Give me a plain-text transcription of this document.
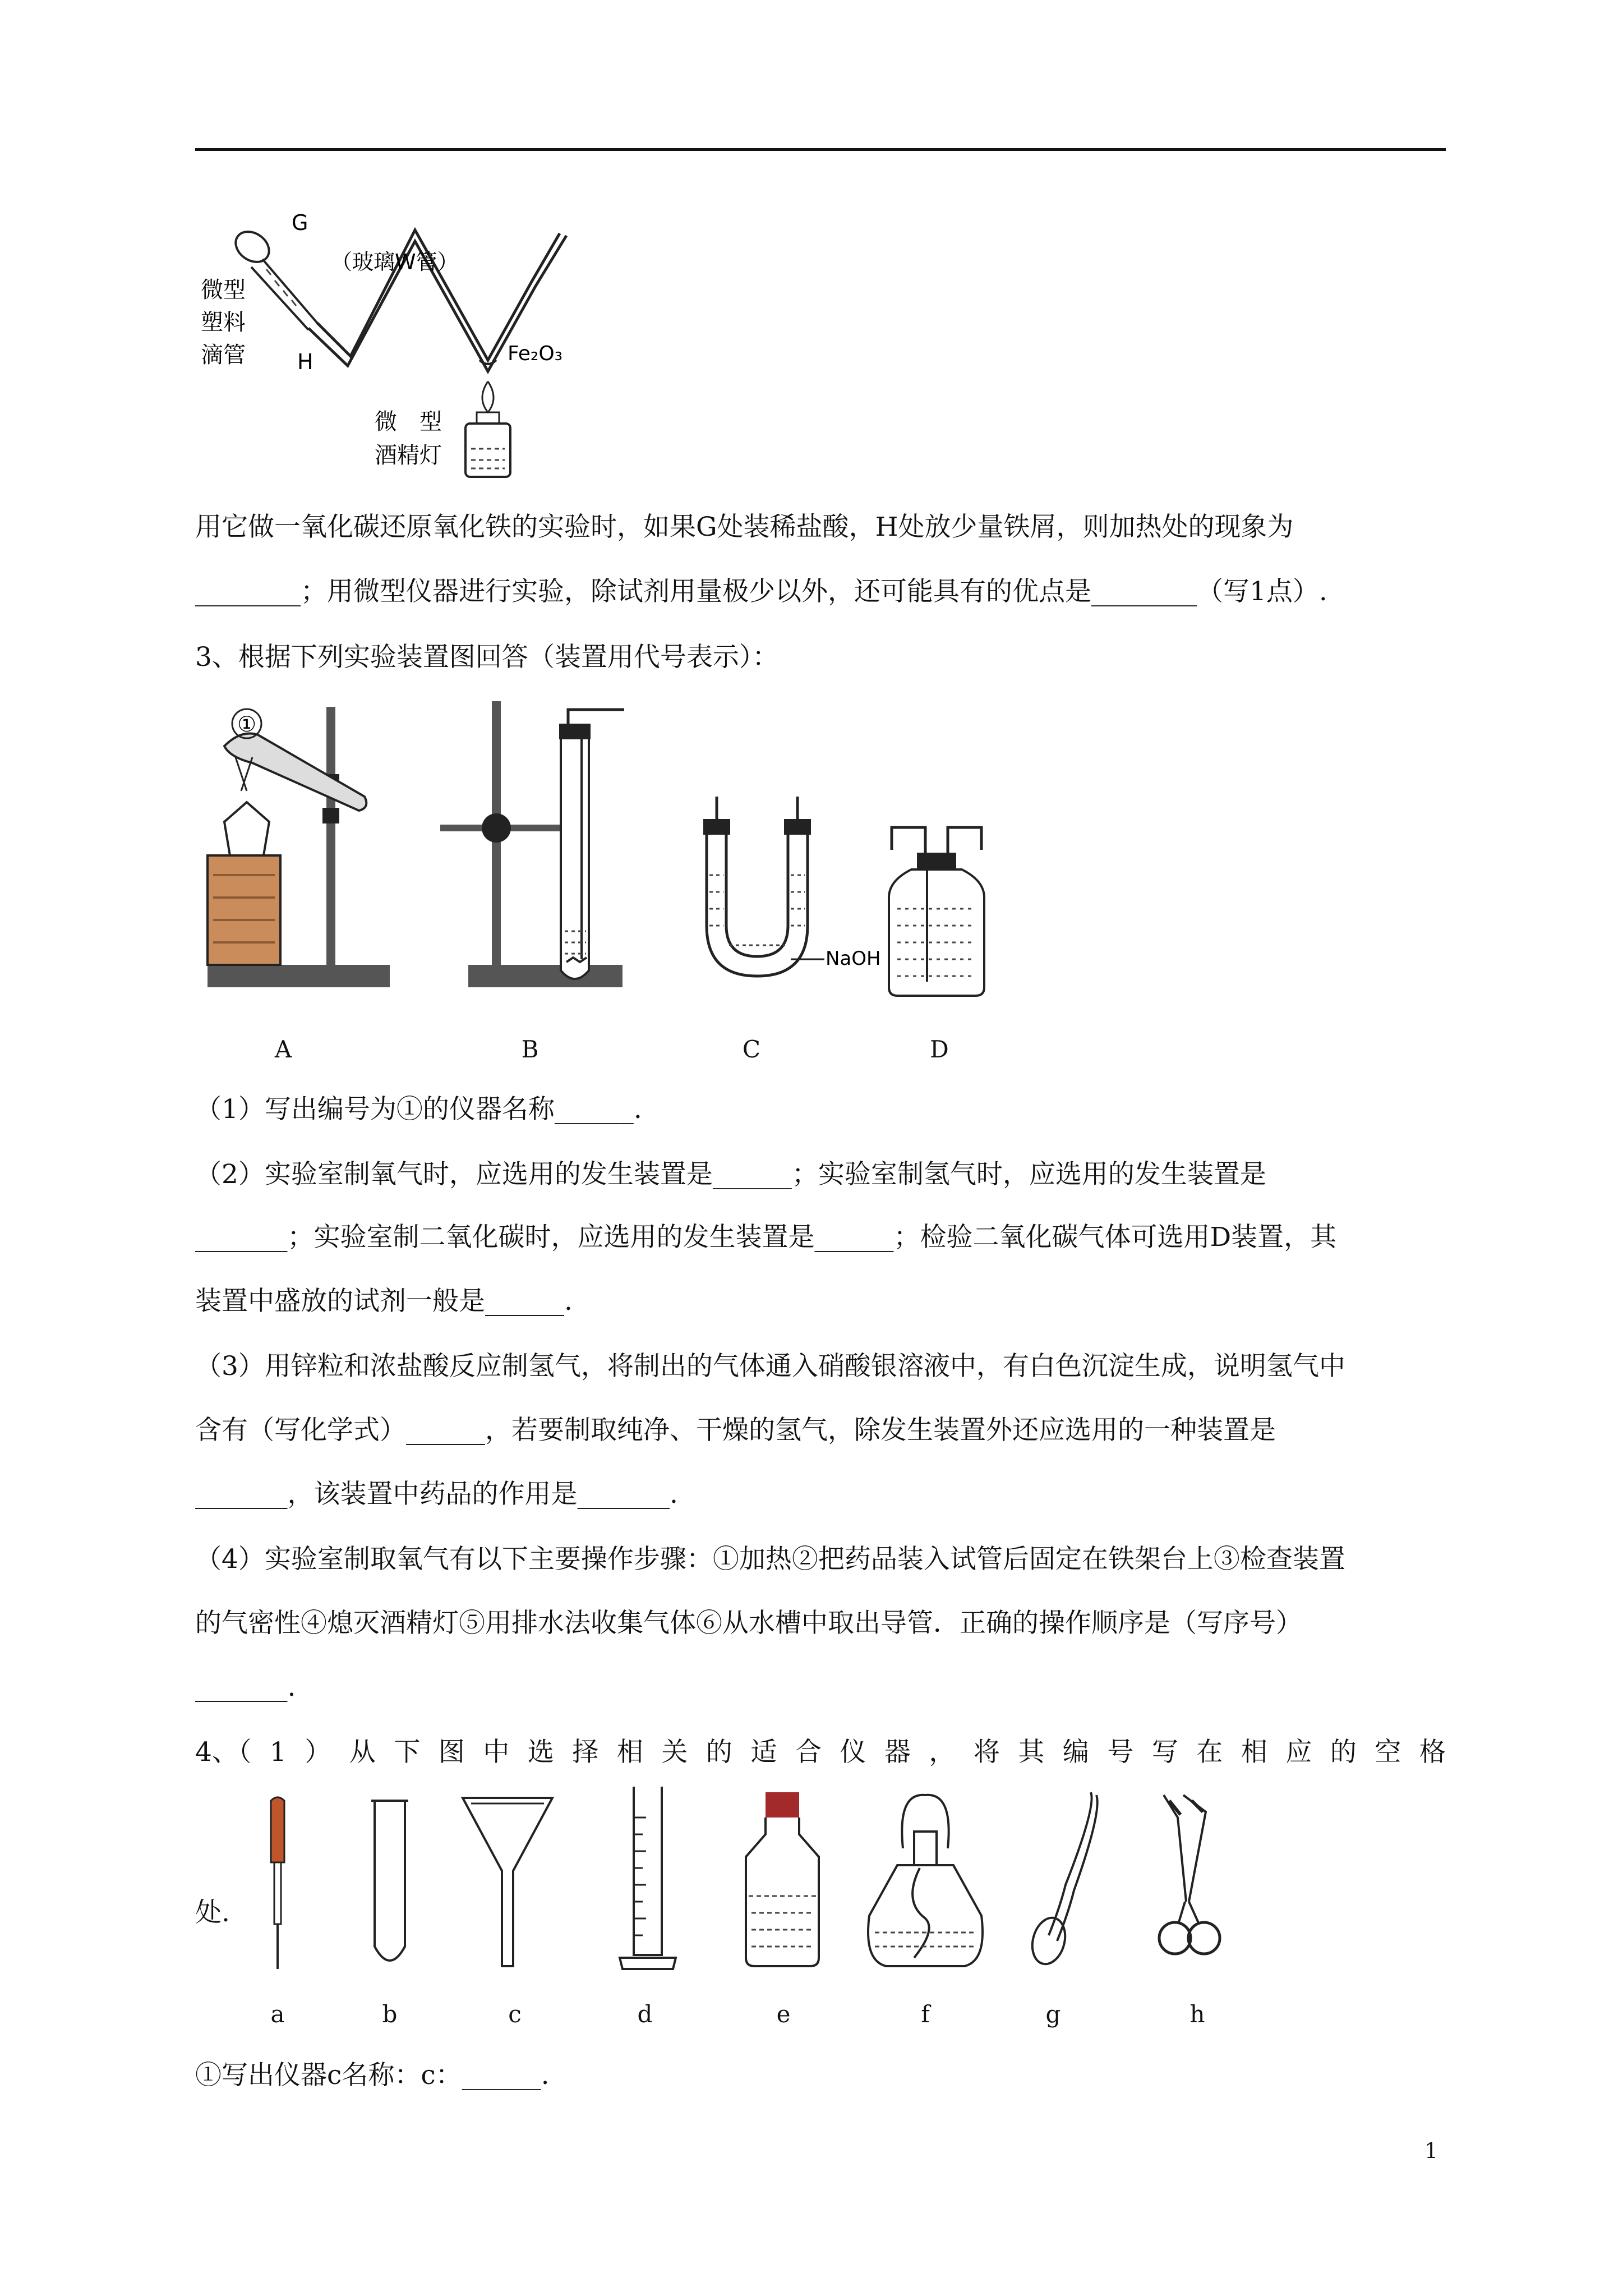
（玻璃W管）
G
H	Fe₂O₃
微 型
塑 料
滴 管
微　型
酒精灯
用它做一氧化碳还原氧化铁的实验时，如果G处装稀盐酸，H处放少量铁屑，则加热处的现象为
________；用微型仪器进行实验，除试剂用量极少以外，还可能具有的优点是________（写1点）.
3、根据下列实验装置图回答（装置用代号表示）：
①
NaOH
A	B	C	D
（1）写出编号为①的仪器名称______.
（2）实验室制氧气时，应选用的发生装置是______；实验室制氢气时，应选用的发生装置是
_______；实验室制二氧化碳时，应选用的发生装置是______；检验二氧化碳气体可选用D装置，其
装置中盛放的试剂一般是______.
（3）用锌粒和浓盐酸反应制氢气，将制出的气体通入硝酸银溶液中，有白色沉淀生成，说明氢气中
含有（写化学式）______，若要制取纯净、干燥的氢气，除发生装置外还应选用的一种装置是
_______，该装置中药品的作用是_______.
（4）实验室制取氧气有以下主要操作步骤：①加热②把药品装入试管后固定在铁架台上③检查装置
的气密性④熄灭酒精灯⑤用排水法收集气体⑥从水槽中取出导管．正确的操作顺序是（写序号）
_______.
4、（ 1 ） 从 下 图 中 选 择 相 关 的 适 合 仪 器 ， 将 其 编 号 写 在 相 应 的 空 格
处.
a	b	c	d	e	f	g	h
①写出仪器c名称：c：______.
1
